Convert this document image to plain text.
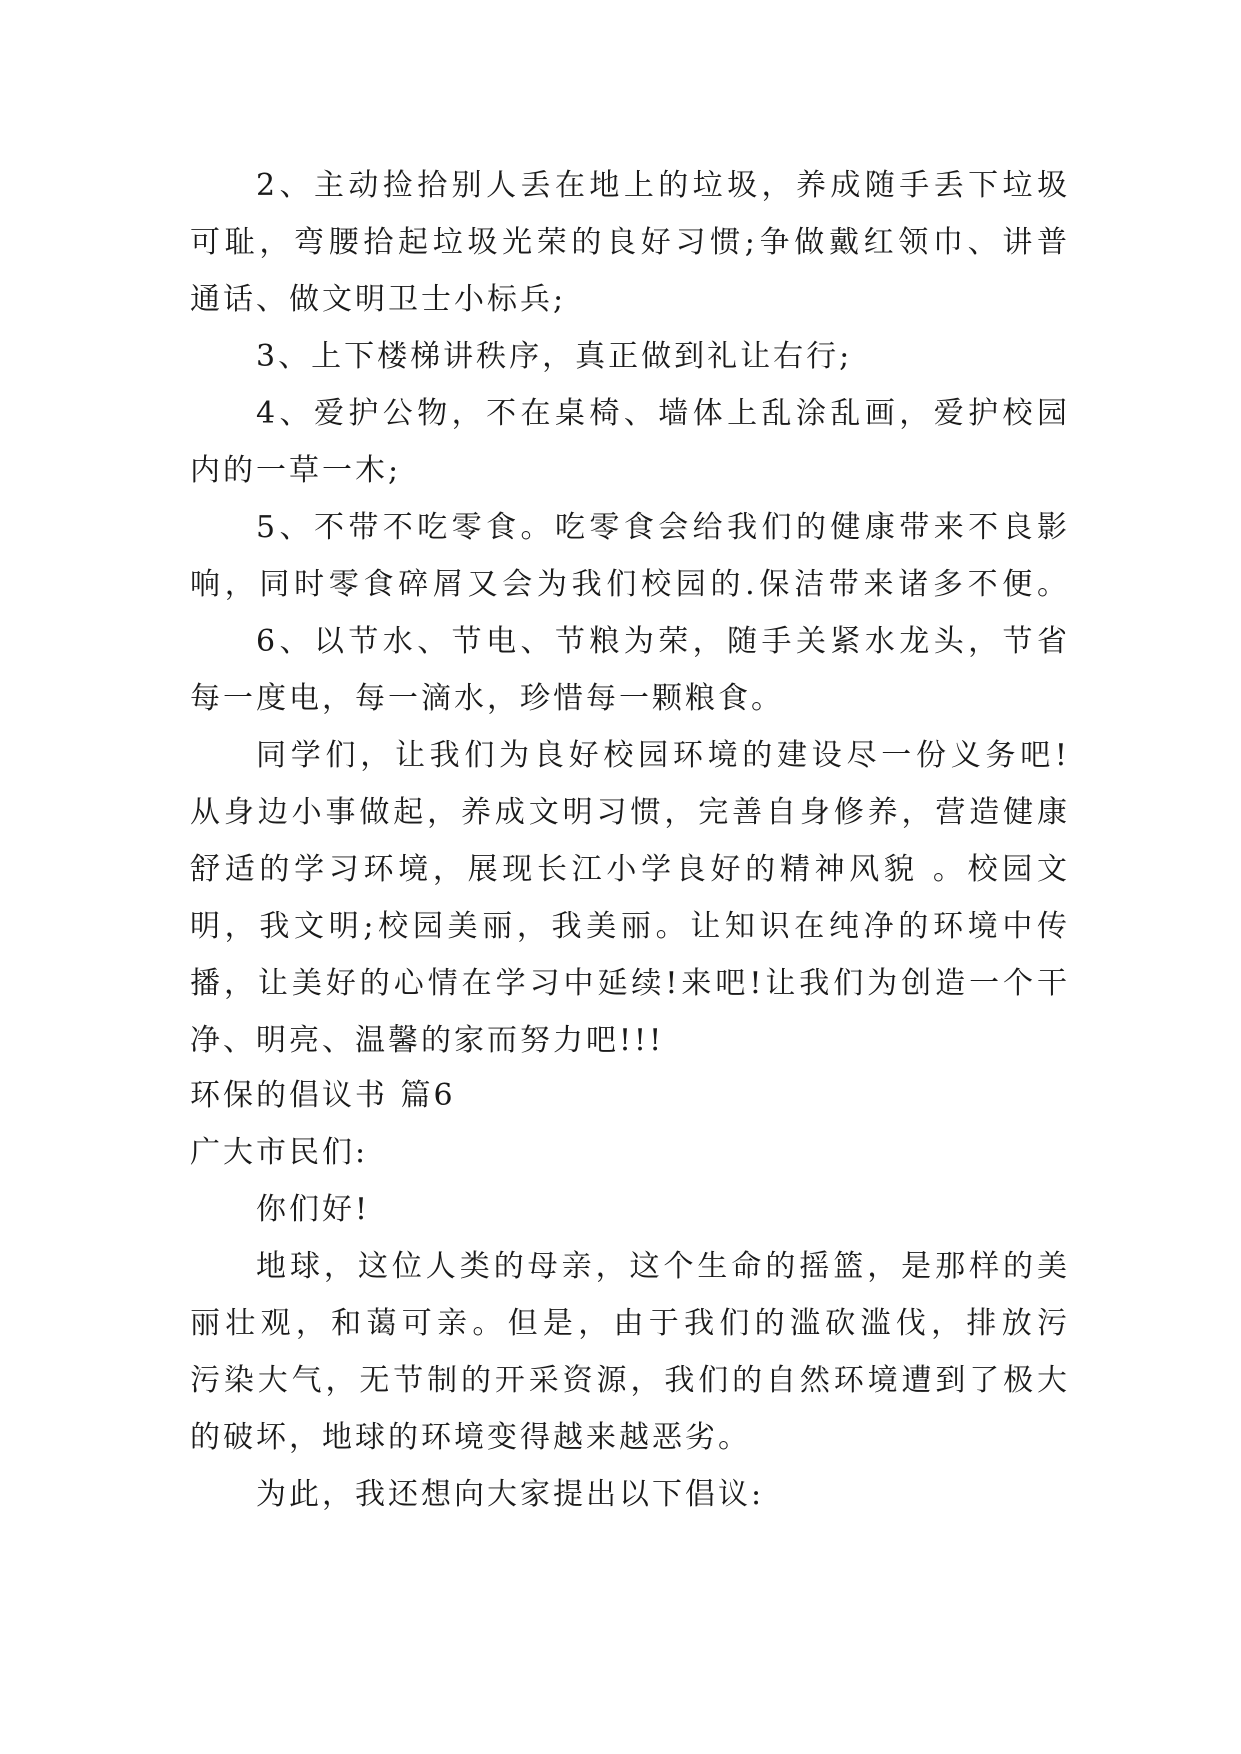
2、主动捡拾别人丢在地上的垃圾，养成随手丢下垃圾
可耻，弯腰拾起垃圾光荣的良好习惯;争做戴红领巾、讲普
通话、做文明卫士小标兵;
3、上下楼梯讲秩序，真正做到礼让右行;
4、爱护公物，不在桌椅、墙体上乱涂乱画，爱护校园
内的一草一木;
5、不带不吃零食。吃零食会给我们的健康带来不良影
响，同时零食碎屑又会为我们校园的.保洁带来诸多不便。
6、以节水、节电、节粮为荣，随手关紧水龙头，节省
每一度电，每一滴水，珍惜每一颗粮食。
同学们，让我们为良好校园环境的建设尽一份义务吧!
从身边小事做起，养成文明习惯，完善自身修养，营造健康
舒适的学习环境，展现长江小学良好的精神风貌 。校园文
明，我文明;校园美丽，我美丽。让知识在纯净的环境中传
播，让美好的心情在学习中延续!来吧!让我们为创造一个干
净、明亮、温馨的家而努力吧!!!
环保的倡议书 篇6
广大市民们:
你们好!
地球，这位人类的母亲，这个生命的摇篮，是那样的美
丽壮观，和蔼可亲。但是，由于我们的滥砍滥伐，排放污
污染大气，无节制的开采资源，我们的自然环境遭到了极大
的破坏，地球的环境变得越来越恶劣。
为此，我还想向大家提出以下倡议:
